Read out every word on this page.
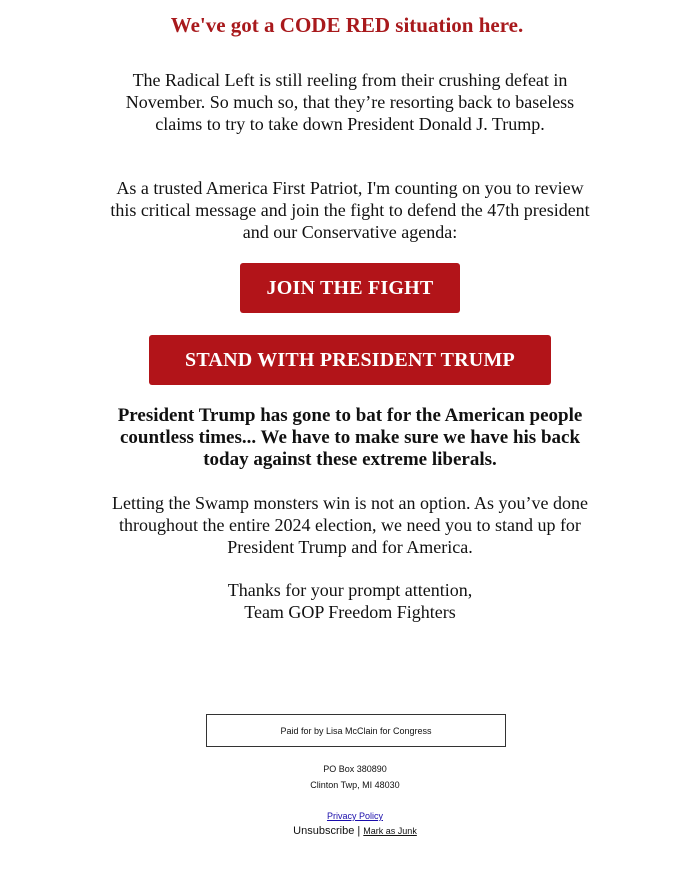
We've got a CODE RED situation here.

The Radical Left is still reeling from their crushing defeat in November. So much so, that they’re resorting back to baseless claims to try to take down President Donald J. Trump.

As a trusted America First Patriot, I'm counting on you to review this critical message and join the fight to defend the 47th president and our Conservative agenda:

JOIN THE FIGHT
STAND WITH PRESIDENT TRUMP

President Trump has gone to bat for the American people countless times... We have to make sure we have his back today against these extreme liberals.

Letting the Swamp monsters win is not an option. As you’ve done throughout the entire 2024 election, we need you to stand up for President Trump and for America.

Thanks for your prompt attention,
Team GOP Freedom Fighters
Paid for by Lisa McClain for Congress
PO Box 380890
Clinton Twp, MI 48030
Privacy Policy
Unsubscribe | Mark as Junk
